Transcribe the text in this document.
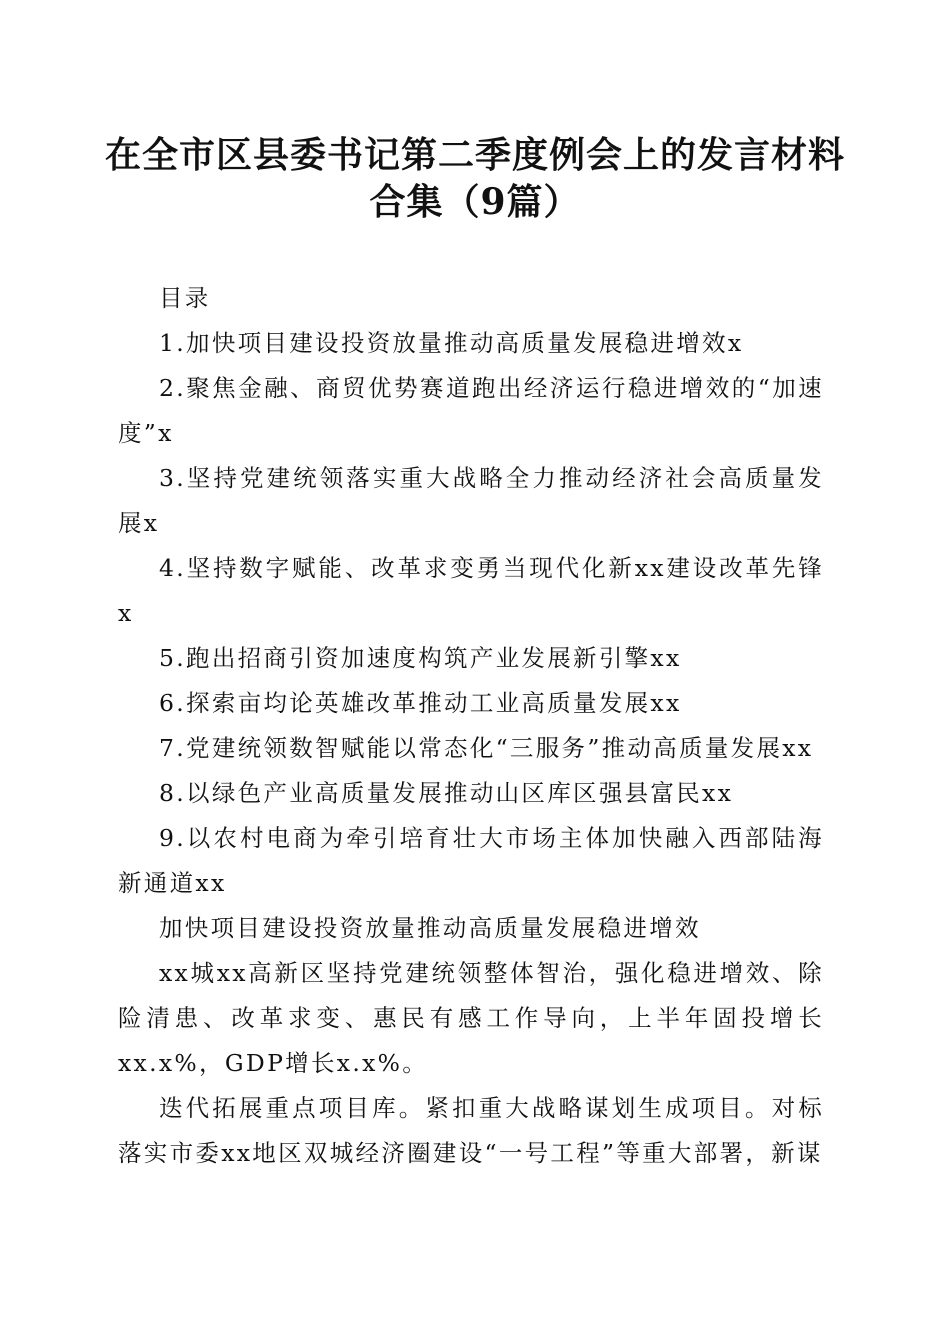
在全市区县委书记第二季度例会上的发言材料
合集（9篇）

目录

1.加快项目建设投资放量推动高质量发展稳进增效x

2.聚焦金融、商贸优势赛道跑出经济运行稳进增效的“加速度”x

3.坚持党建统领落实重大战略全力推动经济社会高质量发展x

4.坚持数字赋能、改革求变勇当现代化新xx建设改革先锋x

5.跑出招商引资加速度构筑产业发展新引擎xx

6.探索亩均论英雄改革推动工业高质量发展xx

7.党建统领数智赋能以常态化“三服务”推动高质量发展xx

8.以绿色产业高质量发展推动山区库区强县富民xx

9.以农村电商为牵引培育壮大市场主体加快融入西部陆海新通道xx

加快项目建设投资放量推动高质量发展稳进增效

xx城xx高新区坚持党建统领整体智治，强化稳进增效、除险清患、改革求变、惠民有感工作导向，上半年固投增长xx.x%，GDP增长x.x%。

迭代拓展重点项目库。紧扣重大战略谋划生成项目。对标落实市委xx地区双城经济圈建设“一号工程”等重大部署，新谋
